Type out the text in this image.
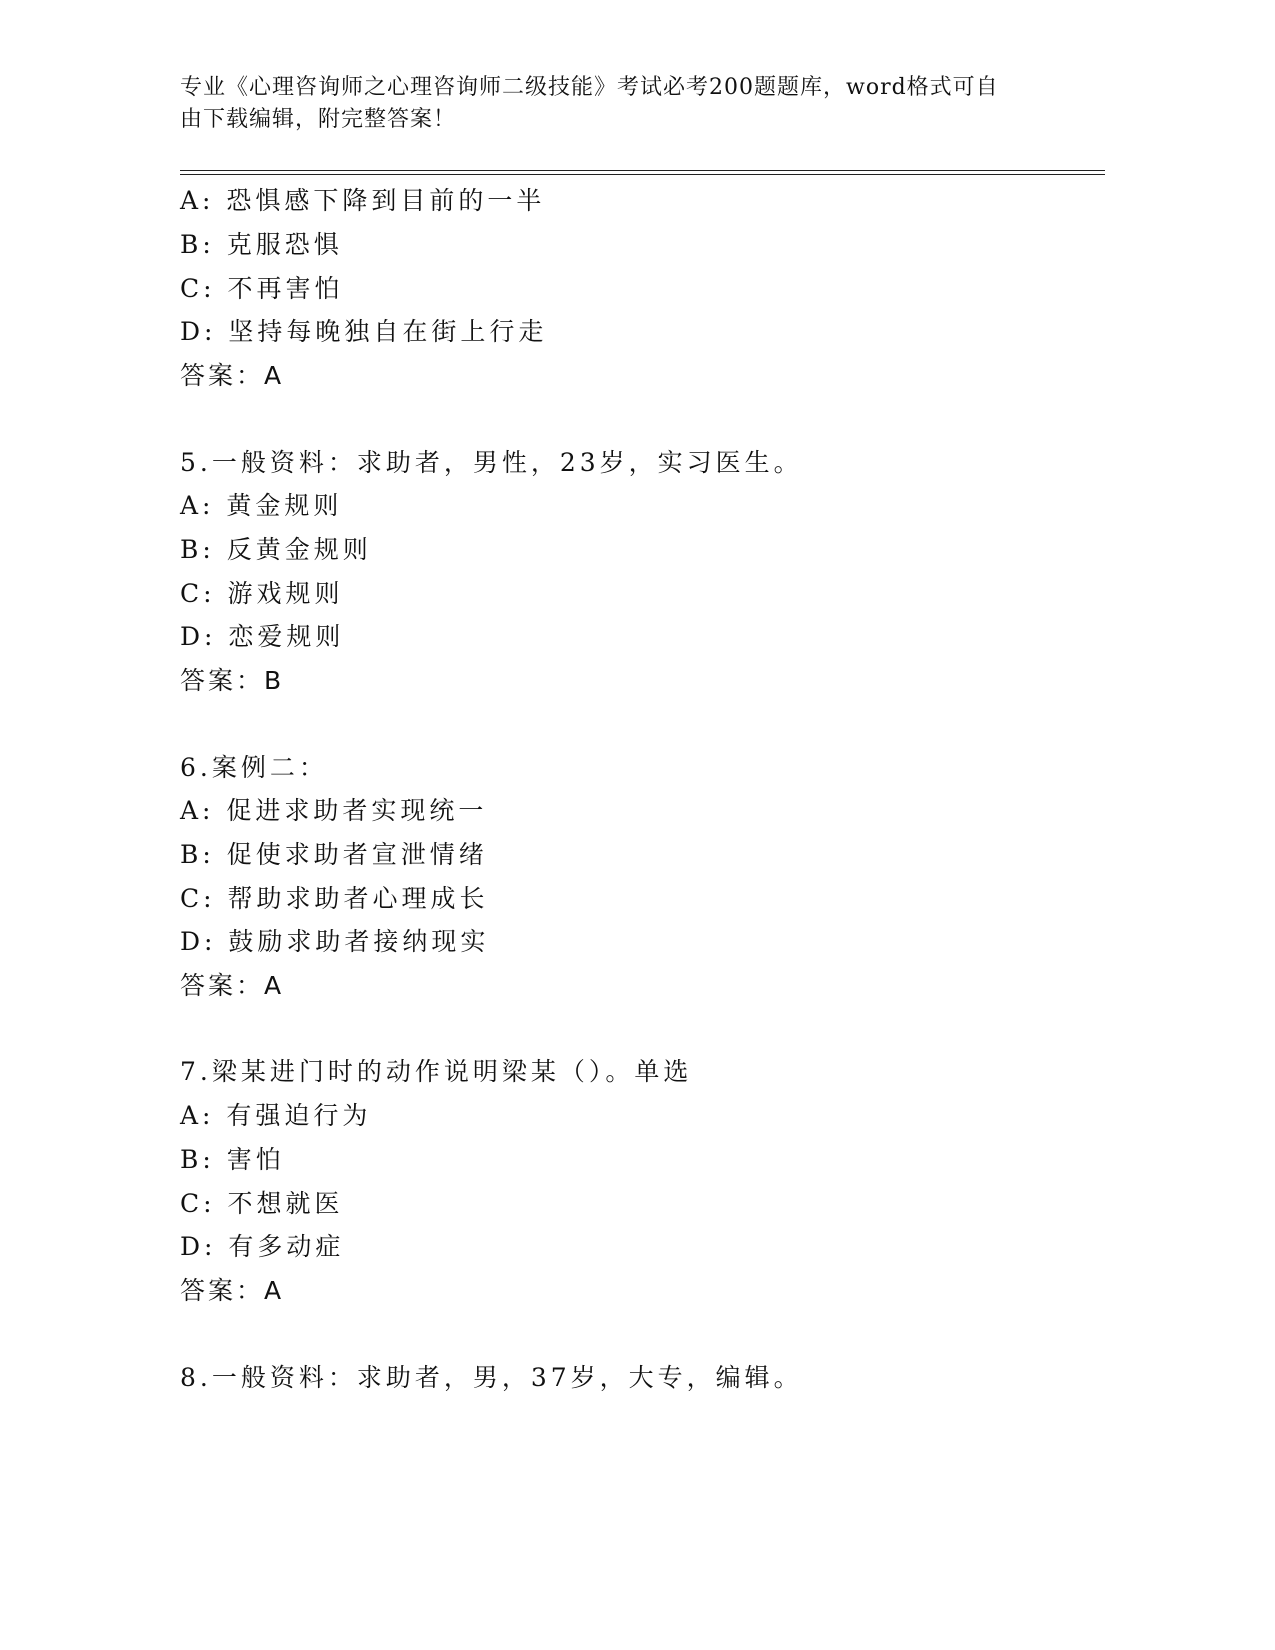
专业《心理咨询师之心理咨询师二级技能》考试必考200题题库，word格式可自
由下载编辑，附完整答案！
A: 恐惧感下降到目前的一半
B: 克服恐惧
C: 不再害怕
D: 坚持每晚独自在街上行走
答案：A
5.一般资料：求助者，男性，23岁，实习医生。
A: 黄金规则
B: 反黄金规则
C: 游戏规则
D: 恋爱规则
答案：B
6.案例二：
A: 促进求助者实现统一
B: 促使求助者宣泄情绪
C: 帮助求助者心理成长
D: 鼓励求助者接纳现实
答案：A
7.梁某进门时的动作说明梁某（）。单选
A: 有强迫行为
B: 害怕
C: 不想就医
D: 有多动症
答案：A
8.一般资料：求助者，男，37岁，大专，编辑。
